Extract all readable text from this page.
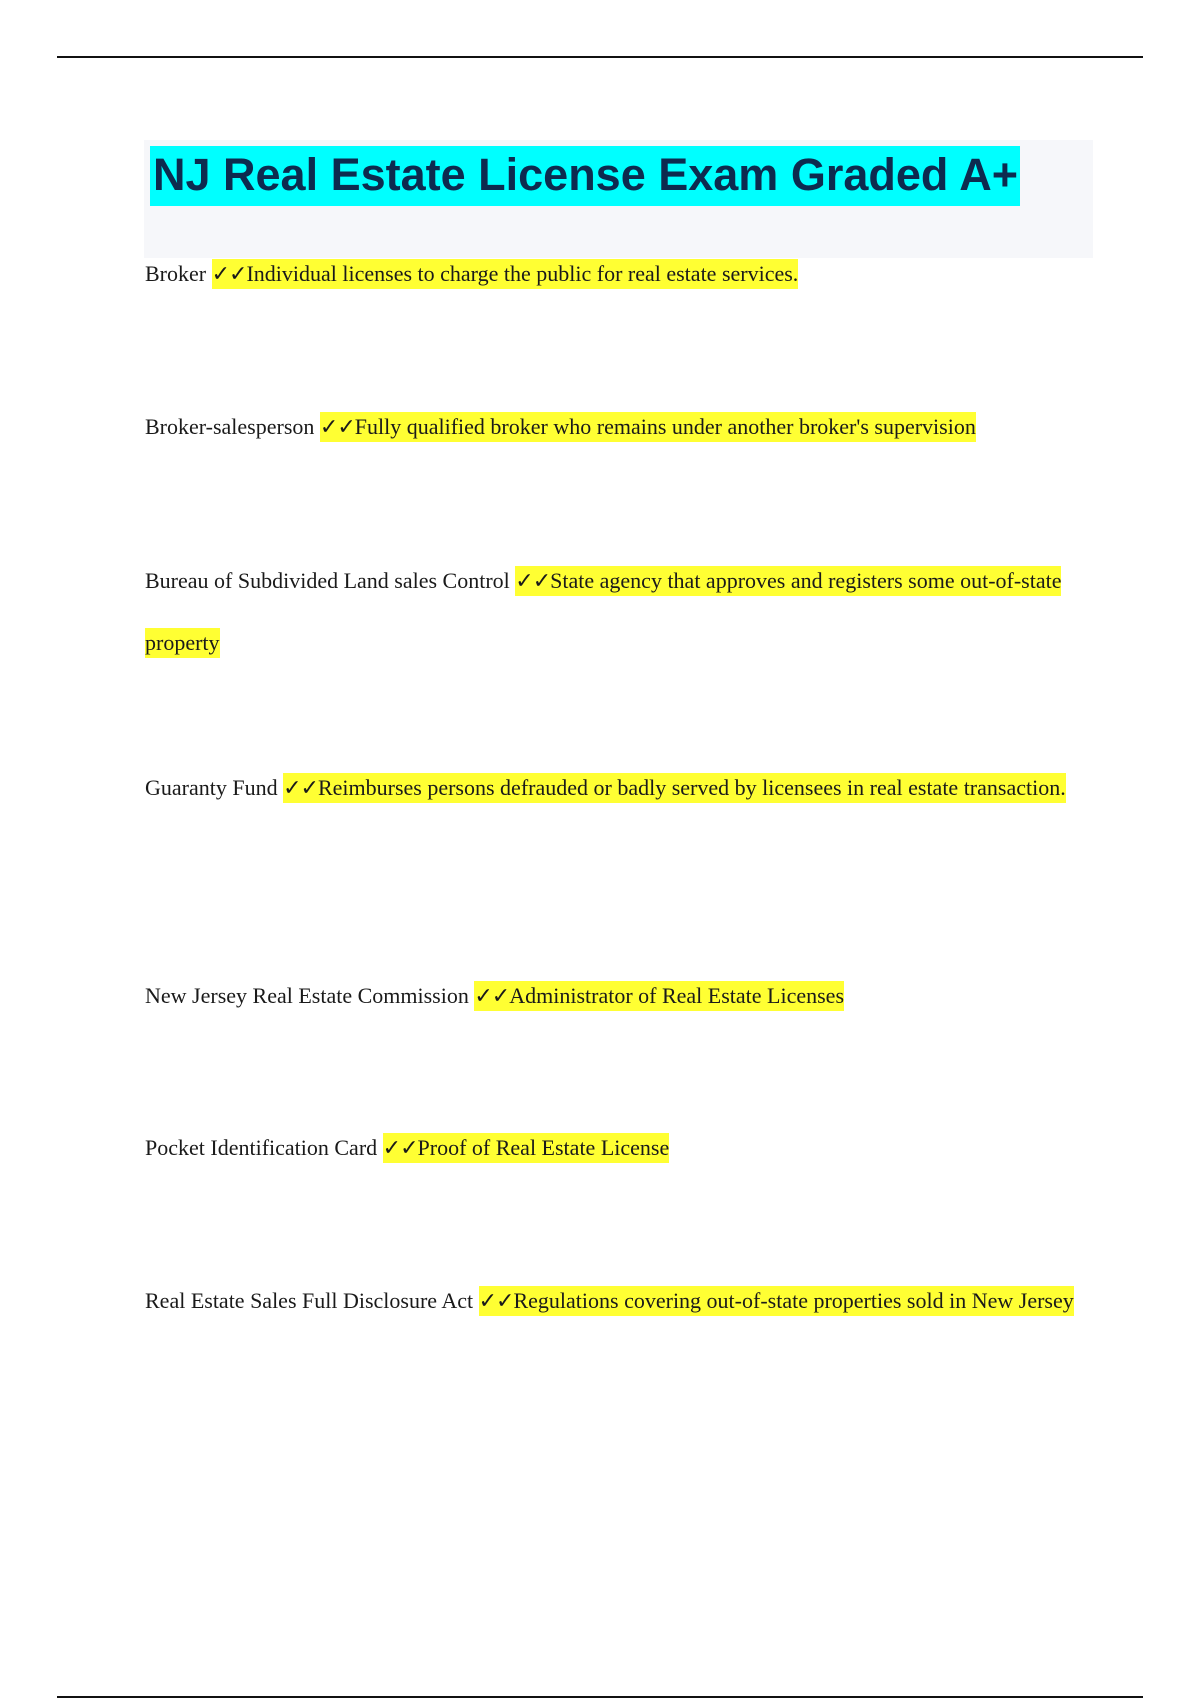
NJ Real Estate License Exam Graded A+

Broker ✓✓Individual licenses to charge the public for real estate services.

Broker-salesperson ✓✓Fully qualified broker who remains under another broker's supervision

Bureau of Subdivided Land sales Control ✓✓State agency that approves and registers some out-of-state property

Guaranty Fund ✓✓Reimburses persons defrauded or badly served by licensees in real estate transaction.

New Jersey Real Estate Commission ✓✓Administrator of Real Estate Licenses

Pocket Identification Card ✓✓Proof of Real Estate License

Real Estate Sales Full Disclosure Act ✓✓Regulations covering out-of-state properties sold in New Jersey
